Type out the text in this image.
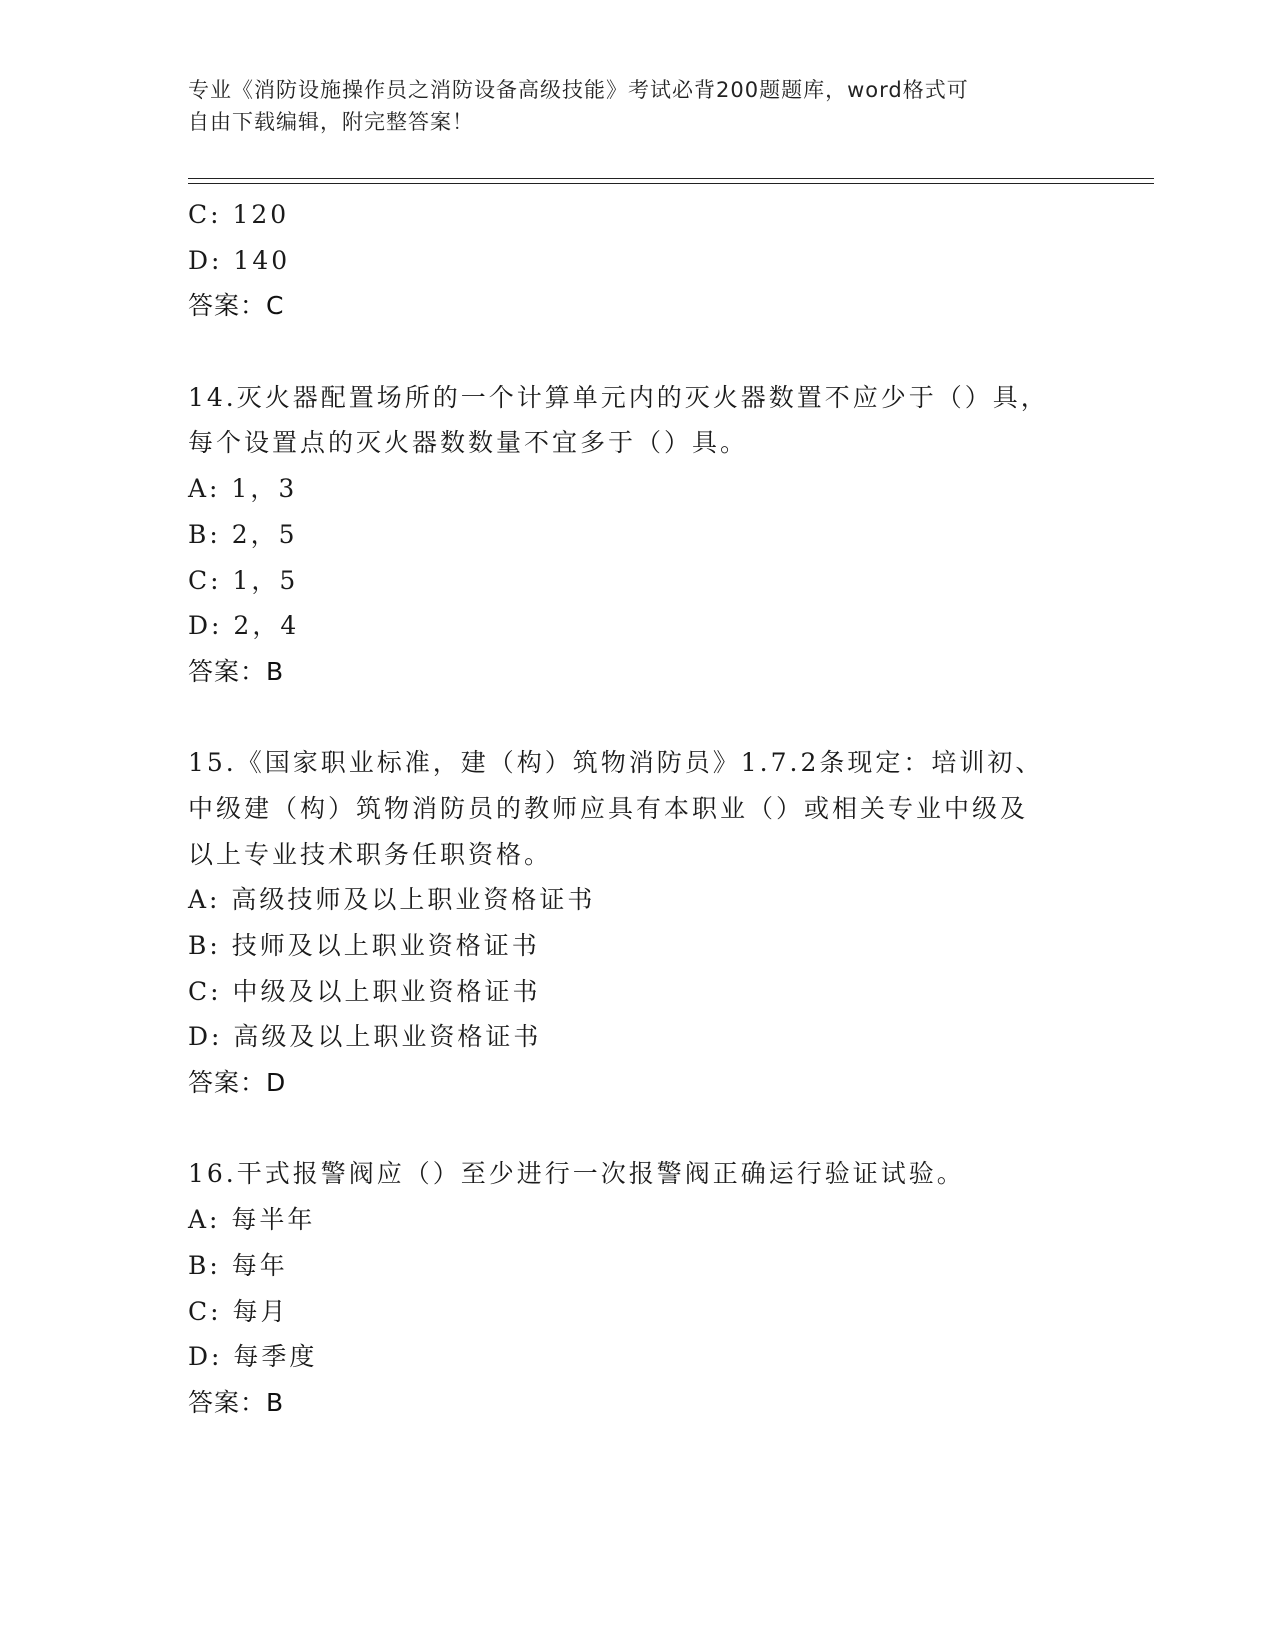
专业《消防设施操作员之消防设备高级技能》考试必背200题题库，word格式可
自由下载编辑，附完整答案！
C: 120
D: 140
答案：C
14.灭火器配置场所的一个计算单元内的灭火器数置不应少于（）具，
每个设置点的灭火器数数量不宜多于（）具。
A: 1，3
B: 2，5
C: 1，5
D: 2，4
答案：B
15.《国家职业标准，建（构）筑物消防员》1.7.2条现定：培训初、
中级建（构）筑物消防员的教师应具有本职业（）或相关专业中级及
以上专业技术职务任职资格。
A: 高级技师及以上职业资格证书
B: 技师及以上职业资格证书
C: 中级及以上职业资格证书
D: 高级及以上职业资格证书
答案：D
16.干式报警阀应（）至少进行一次报警阀正确运行验证试验。
A: 每半年
B: 每年
C: 每月
D: 每季度
答案：B
